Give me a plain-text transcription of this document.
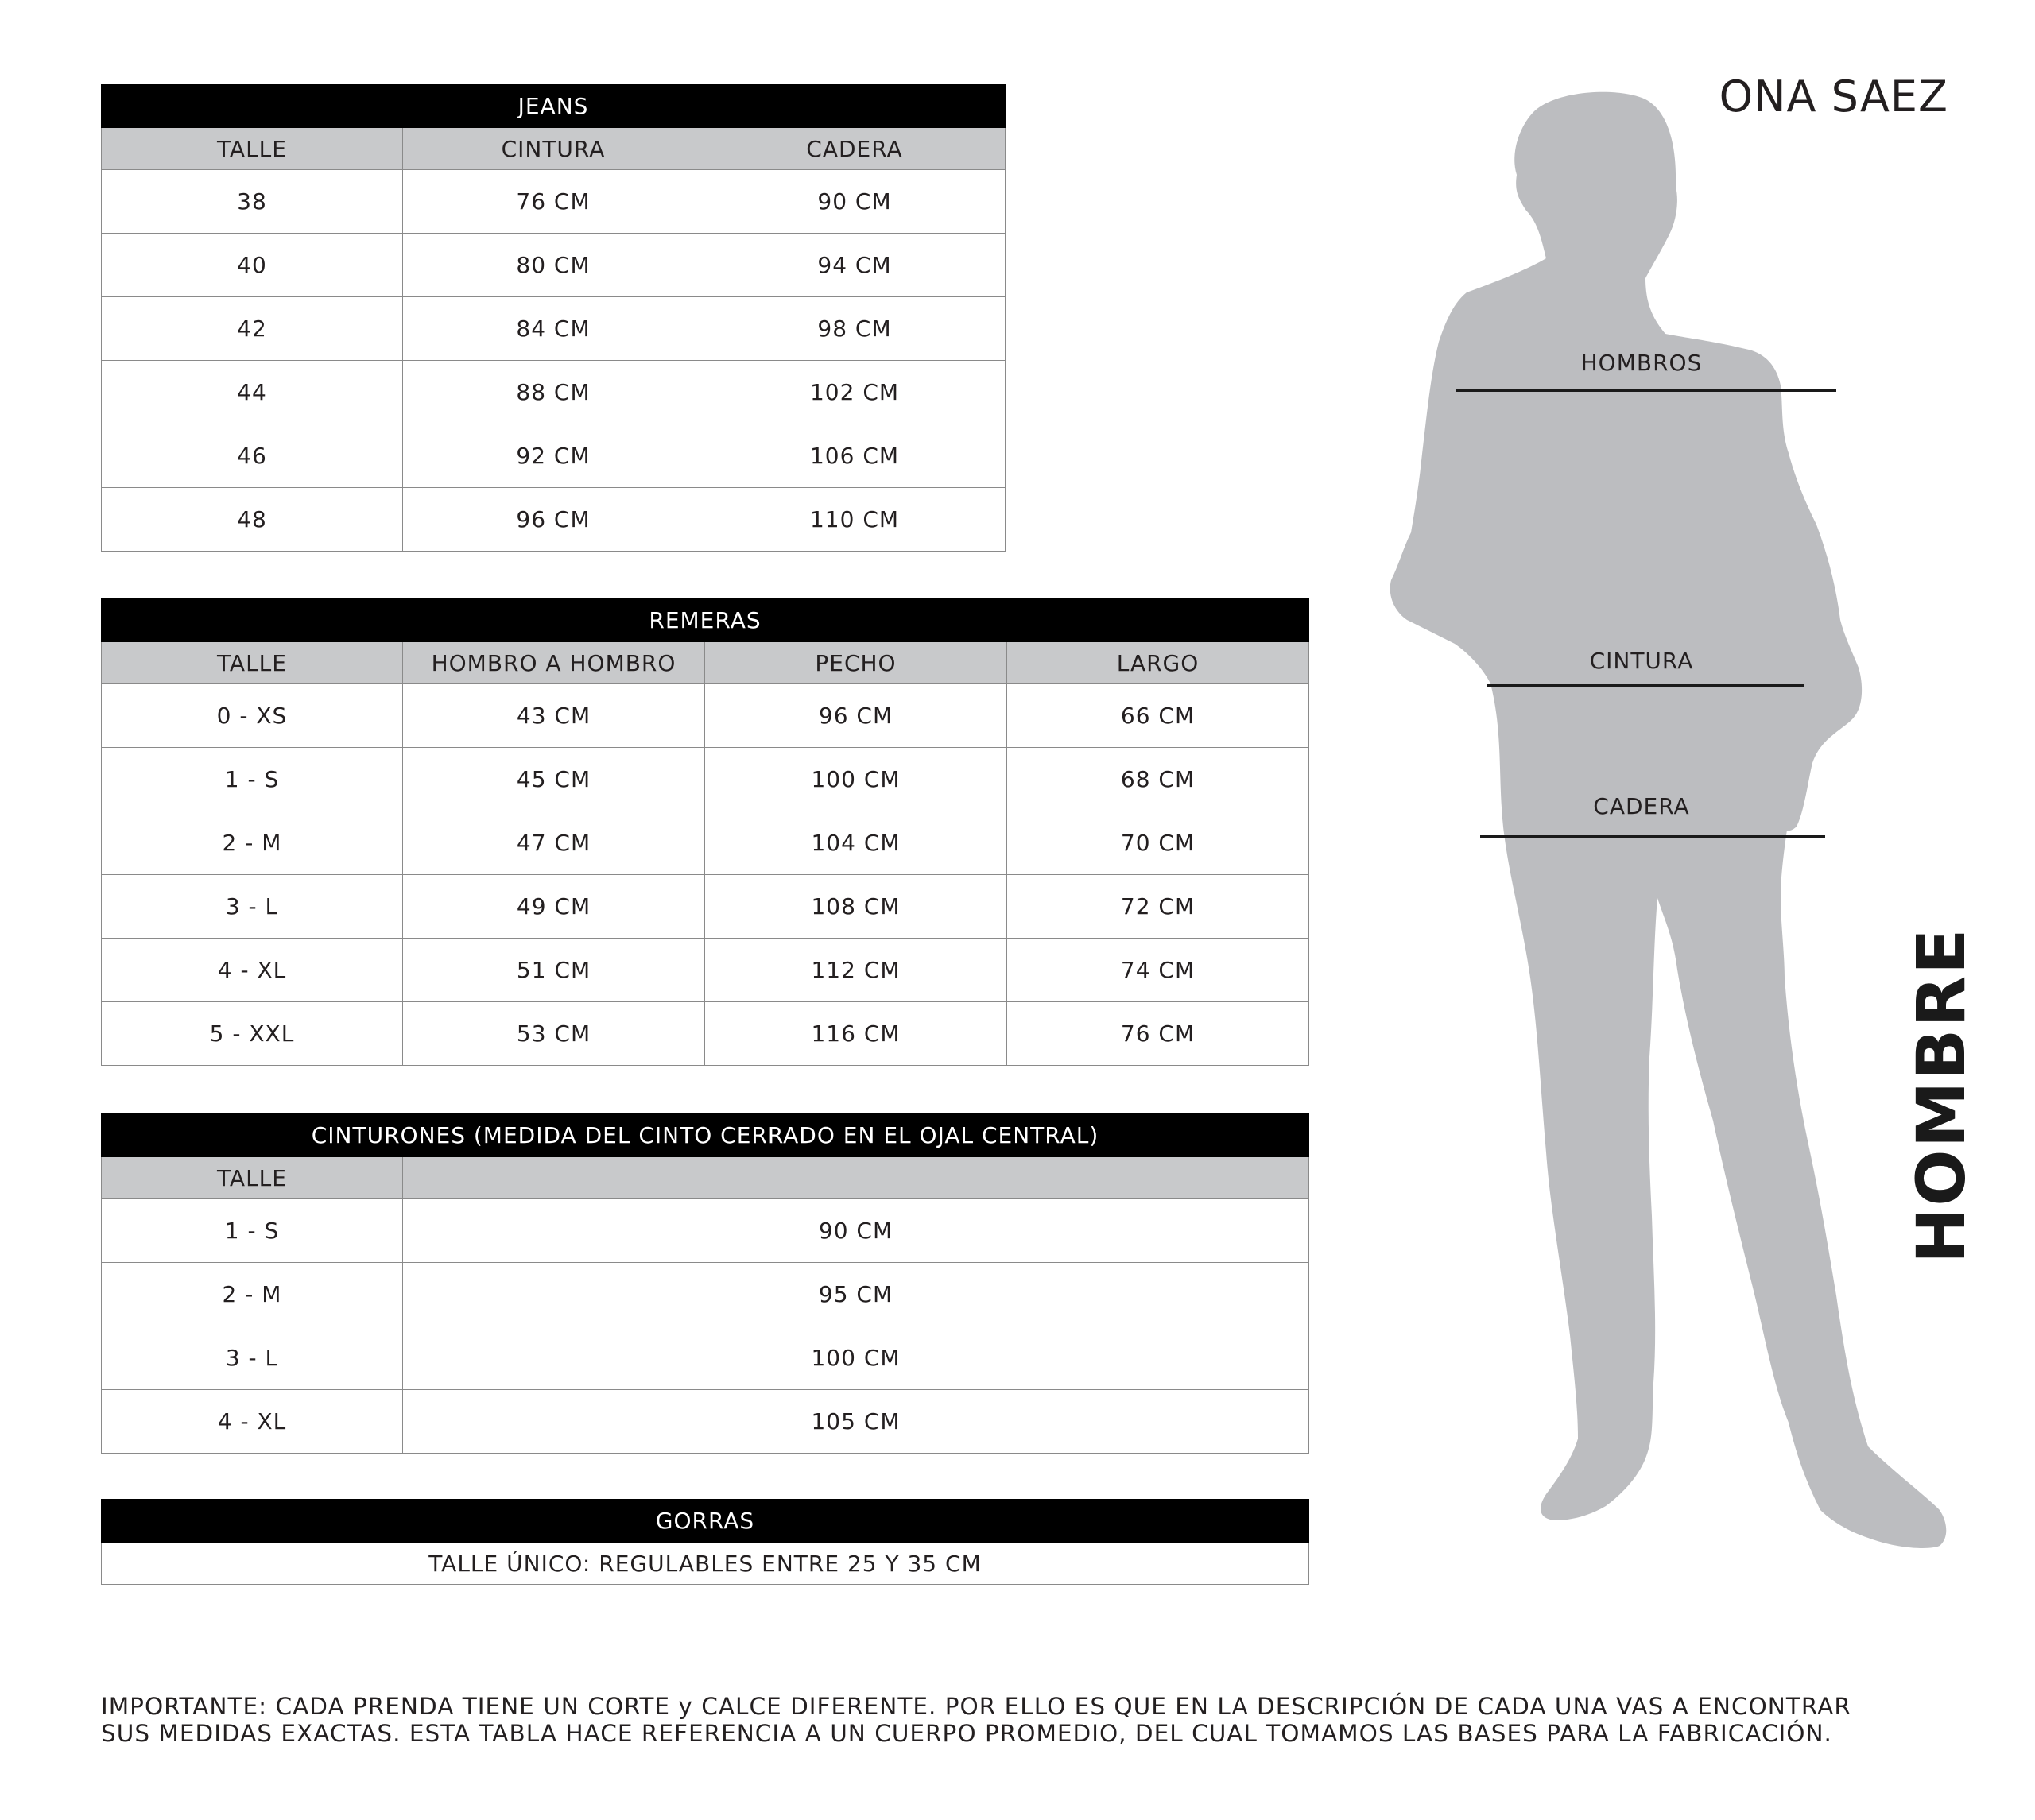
JEANS		
TALLE	CINTURA	CADERA
38	76 CM	90 CM
40	80 CM	94 CM
42	84 CM	98 CM
44	88 CM	102 CM
46	92 CM	106 CM
48	96 CM	110 CM
REMERAS			
TALLE	HOMBRO A HOMBRO	PECHO	LARGO
0 - XS	43 CM	96 CM	66 CM
1 - S	45 CM	100 CM	68 CM
2 - M	47 CM	104 CM	70 CM
3 - L	49 CM	108 CM	72 CM
4 - XL	51 CM	112 CM	74 CM
5 - XXL	53 CM	116 CM	76 CM
CINTURONES (MEDIDA DEL CINTO CERRADO EN EL OJAL CENTRAL)	
TALLE	
1 - S	90 CM
2 - M	95 CM
3 - L	100 CM
4 - XL	105 CM
GORRAS
TALLE ÚNICO: REGULABLES ENTRE 25 Y 35 CM
ONA SAEZ
HOMBROS
CINTURA
CADERA
HOMBRE
IMPORTANTE: CADA PRENDA TIENE UN CORTE y CALCE DIFERENTE. POR ELLO ES QUE EN LA DESCRIPCIÓN DE CADA UNA VAS A ENCONTRAR
SUS MEDIDAS EXACTAS. ESTA TABLA HACE REFERENCIA A UN CUERPO PROMEDIO, DEL CUAL TOMAMOS LAS BASES PARA LA FABRICACIÓN.
